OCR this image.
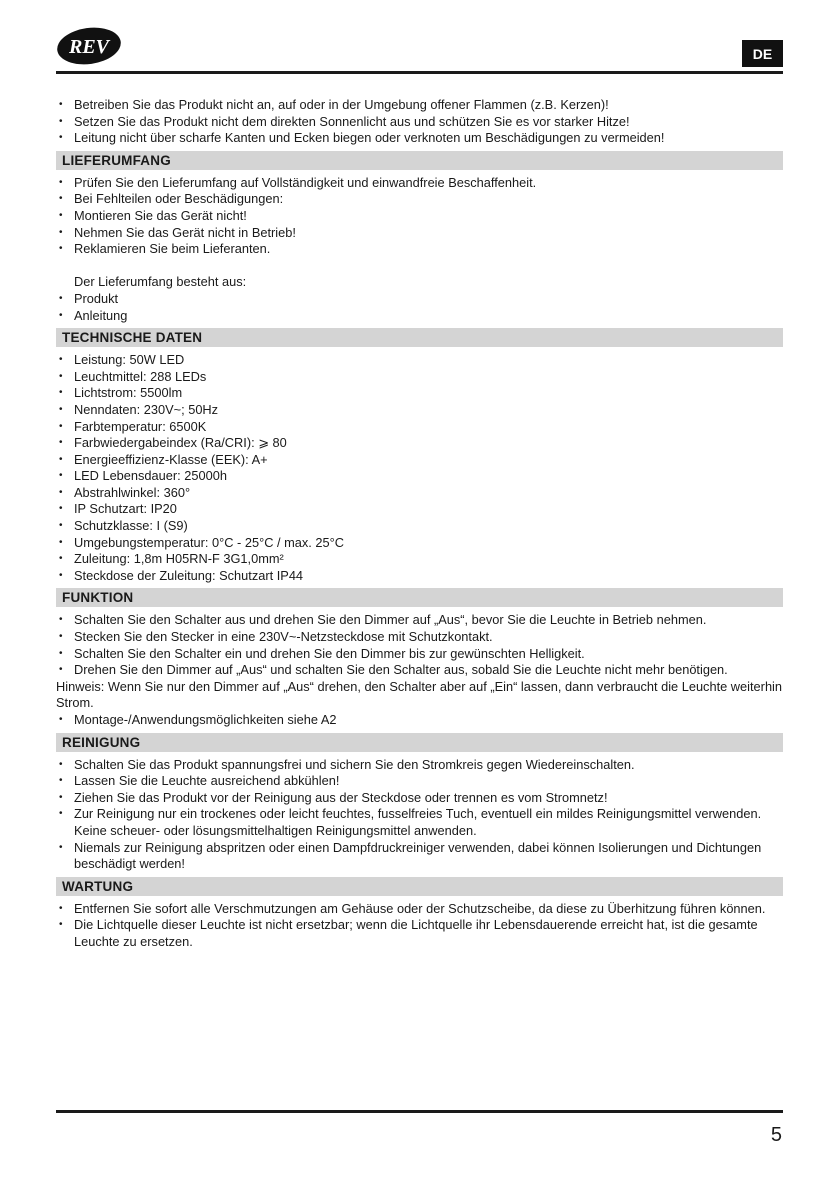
REV	DE
• Betreiben Sie das Produkt nicht an, auf oder in der Umgebung offener Flammen (z.B. Kerzen)!
• Setzen Sie das Produkt nicht dem direkten Sonnenlicht aus und schützen Sie es vor starker Hitze!
• Leitung nicht über scharfe Kanten und Ecken biegen oder verknoten um Beschädigungen zu vermeiden!
LIEFERUMFANG
• Prüfen Sie den Lieferumfang auf Vollständigkeit und einwandfreie Beschaffenheit.
• Bei Fehlteilen oder Beschädigungen:
• Montieren Sie das Gerät nicht!
• Nehmen Sie das Gerät nicht in Betrieb!
• Reklamieren Sie beim Lieferanten.
Der Lieferumfang besteht aus:
• Produkt
• Anleitung
TECHNISCHE DATEN
• Leistung: 50W LED
• Leuchtmittel: 288 LEDs
• Lichtstrom: 5500lm
• Nenndaten: 230V~; 50Hz
• Farbtemperatur: 6500K
• Farbwiedergabeindex (Ra/CRI): ⩾ 80
• Energieeffizienz-Klasse (EEK): A+
• LED Lebensdauer: 25000h
• Abstrahlwinkel: 360°
• IP Schutzart: IP20
• Schutzklasse: I (S9)
• Umgebungstemperatur: 0°C - 25°C / max. 25°C
• Zuleitung: 1,8m H05RN-F 3G1,0mm²
• Steckdose der Zuleitung: Schutzart IP44
FUNKTION
• Schalten Sie den Schalter aus und drehen Sie den Dimmer auf „Aus“, bevor Sie die Leuchte in Betrieb nehmen.
• Stecken Sie den Stecker in eine 230V~-Netzsteckdose mit Schutzkontakt.
• Schalten Sie den Schalter ein und drehen Sie den Dimmer bis zur gewünschten Helligkeit.
• Drehen Sie den Dimmer auf „Aus“ und schalten Sie den Schalter aus, sobald Sie die Leuchte nicht mehr benötigen.
Hinweis: Wenn Sie nur den Dimmer auf „Aus“ drehen, den Schalter aber auf „Ein“ lassen, dann verbraucht die Leuchte weiterhin Strom.
• Montage-/Anwendungsmöglichkeiten siehe A2
REINIGUNG
• Schalten Sie das Produkt spannungsfrei und sichern Sie den Stromkreis gegen Wiedereinschalten.
• Lassen Sie die Leuchte ausreichend abkühlen!
• Ziehen Sie das Produkt vor der Reinigung aus der Steckdose oder trennen es vom Stromnetz!
• Zur Reinigung nur ein trockenes oder leicht feuchtes, fusselfreies Tuch, eventuell ein mildes Reinigungsmittel verwenden. Keine scheuer- oder lösungsmittelhaltigen Reinigungsmittel anwenden.
• Niemals zur Reinigung abspritzen oder einen Dampfdruckreiniger verwenden, dabei können Isolierungen und Dichtungen beschädigt werden!
WARTUNG
• Entfernen Sie sofort alle Verschmutzungen am Gehäuse oder der Schutzscheibe, da diese zu Überhitzung führen können.
• Die Lichtquelle dieser Leuchte ist nicht ersetzbar; wenn die Lichtquelle ihr Lebensdauerende erreicht hat, ist die gesamte Leuchte zu ersetzen.
5
